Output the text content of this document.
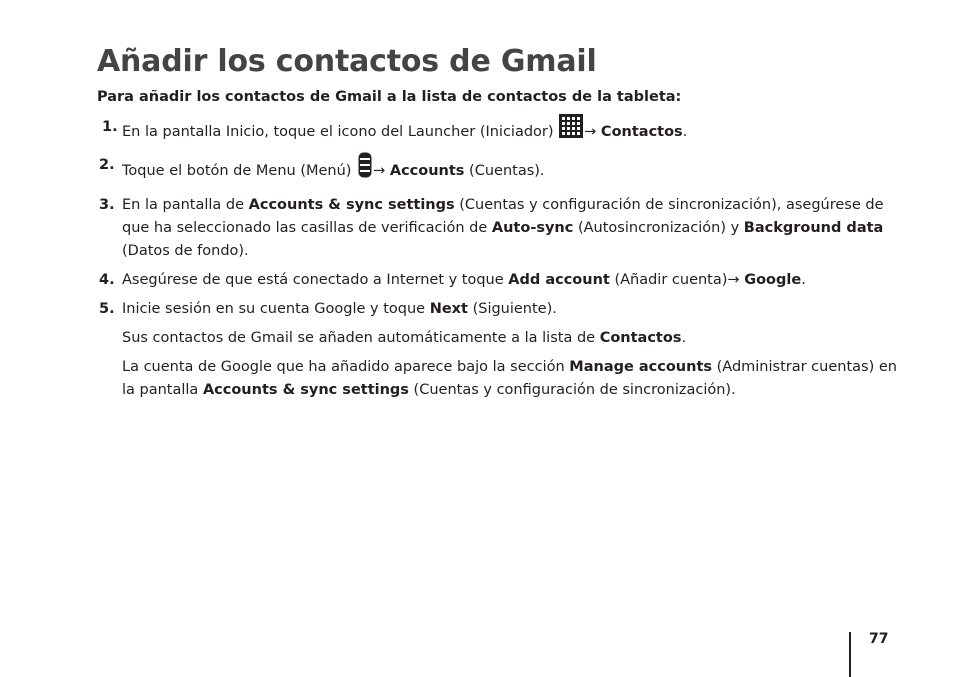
Añadir los contactos de Gmail

Para añadir los contactos de Gmail a la lista de contactos de la tableta:

1. En la pantalla Inicio, toque el icono del Launcher (Iniciador) → Contactos.
2. Toque el botón de Menu (Menú) → Accounts (Cuentas).
3. En la pantalla de Accounts & sync settings (Cuentas y configuración de sincronización), asegúrese de que ha seleccionado las casillas de verificación de Auto-sync (Autosincronización) y Background data (Datos de fondo).
4. Asegúrese de que está conectado a Internet y toque Add account (Añadir cuenta)→ Google.
5. Inicie sesión en su cuenta Google y toque Next (Siguiente).
Sus contactos de Gmail se añaden automáticamente a la lista de Contactos.
La cuenta de Google que ha añadido aparece bajo la sección Manage accounts (Administrar cuentas) en la pantalla Accounts & sync settings (Cuentas y configuración de sincronización).
77
